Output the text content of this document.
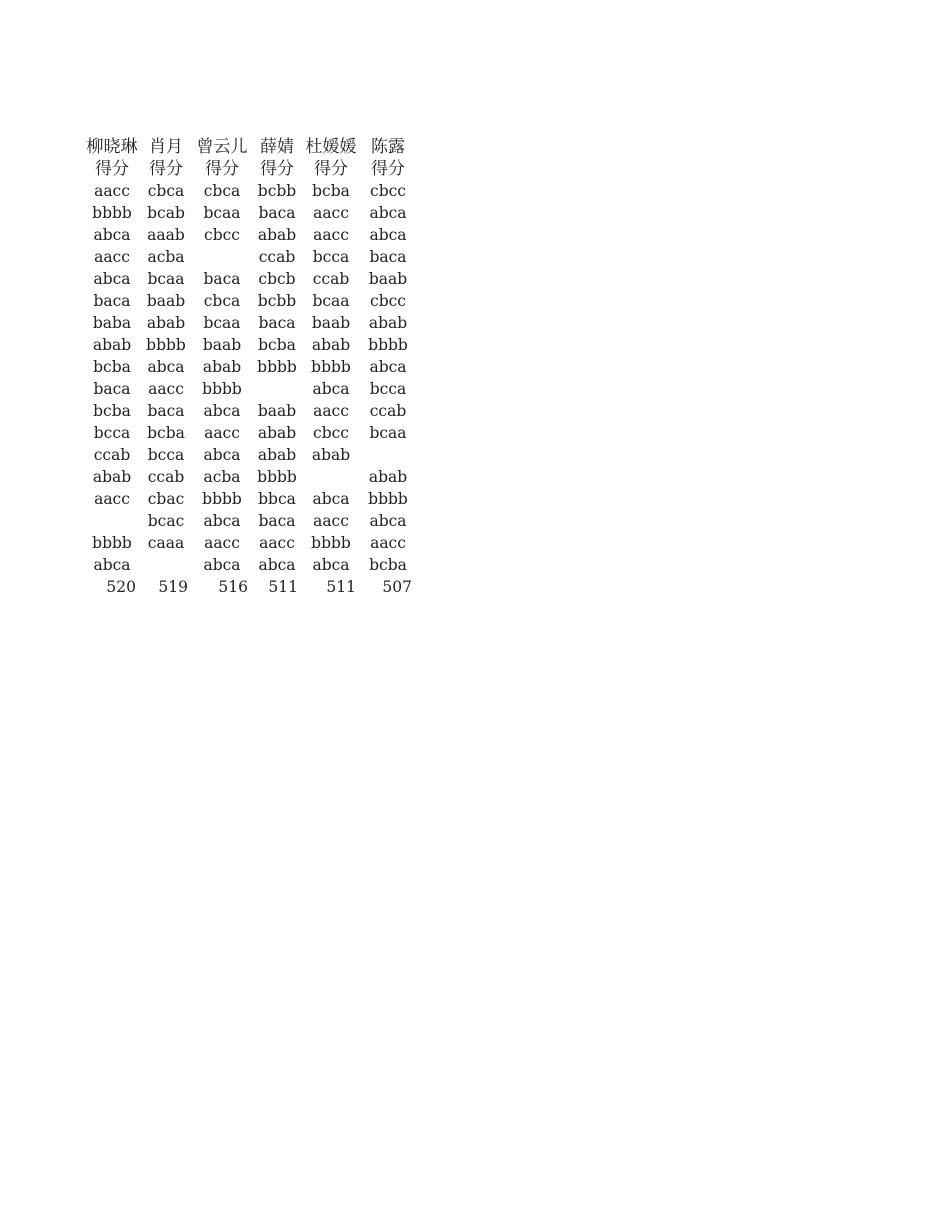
柳晓琳	肖月	曾云儿	薛婧	杜媛媛	陈露
得分	得分	得分	得分	得分	得分
aacc	cbca	cbca	bcbb	bcba	cbcc
bbbb	bcab	bcaa	baca	aacc	abca
abca	aaab	cbcc	abab	aacc	abca
aacc	acba		ccab	bcca	baca
abca	bcaa	baca	cbcb	ccab	baab
baca	baab	cbca	bcbb	bcaa	cbcc
baba	abab	bcaa	baca	baab	abab
abab	bbbb	baab	bcba	abab	bbbb
bcba	abca	abab	bbbb	bbbb	abca
baca	aacc	bbbb		abca	bcca
bcba	baca	abca	baab	aacc	ccab
bcca	bcba	aacc	abab	cbcc	bcaa
ccab	bcca	abca	abab	abab	
abab	ccab	acba	bbbb		abab
aacc	cbac	bbbb	bbca	abca	bbbb
	bcac	abca	baca	aacc	abca
bbbb	caaa	aacc	aacc	bbbb	aacc
abca		abca	abca	abca	bcba
520	519	516	511	511	507
